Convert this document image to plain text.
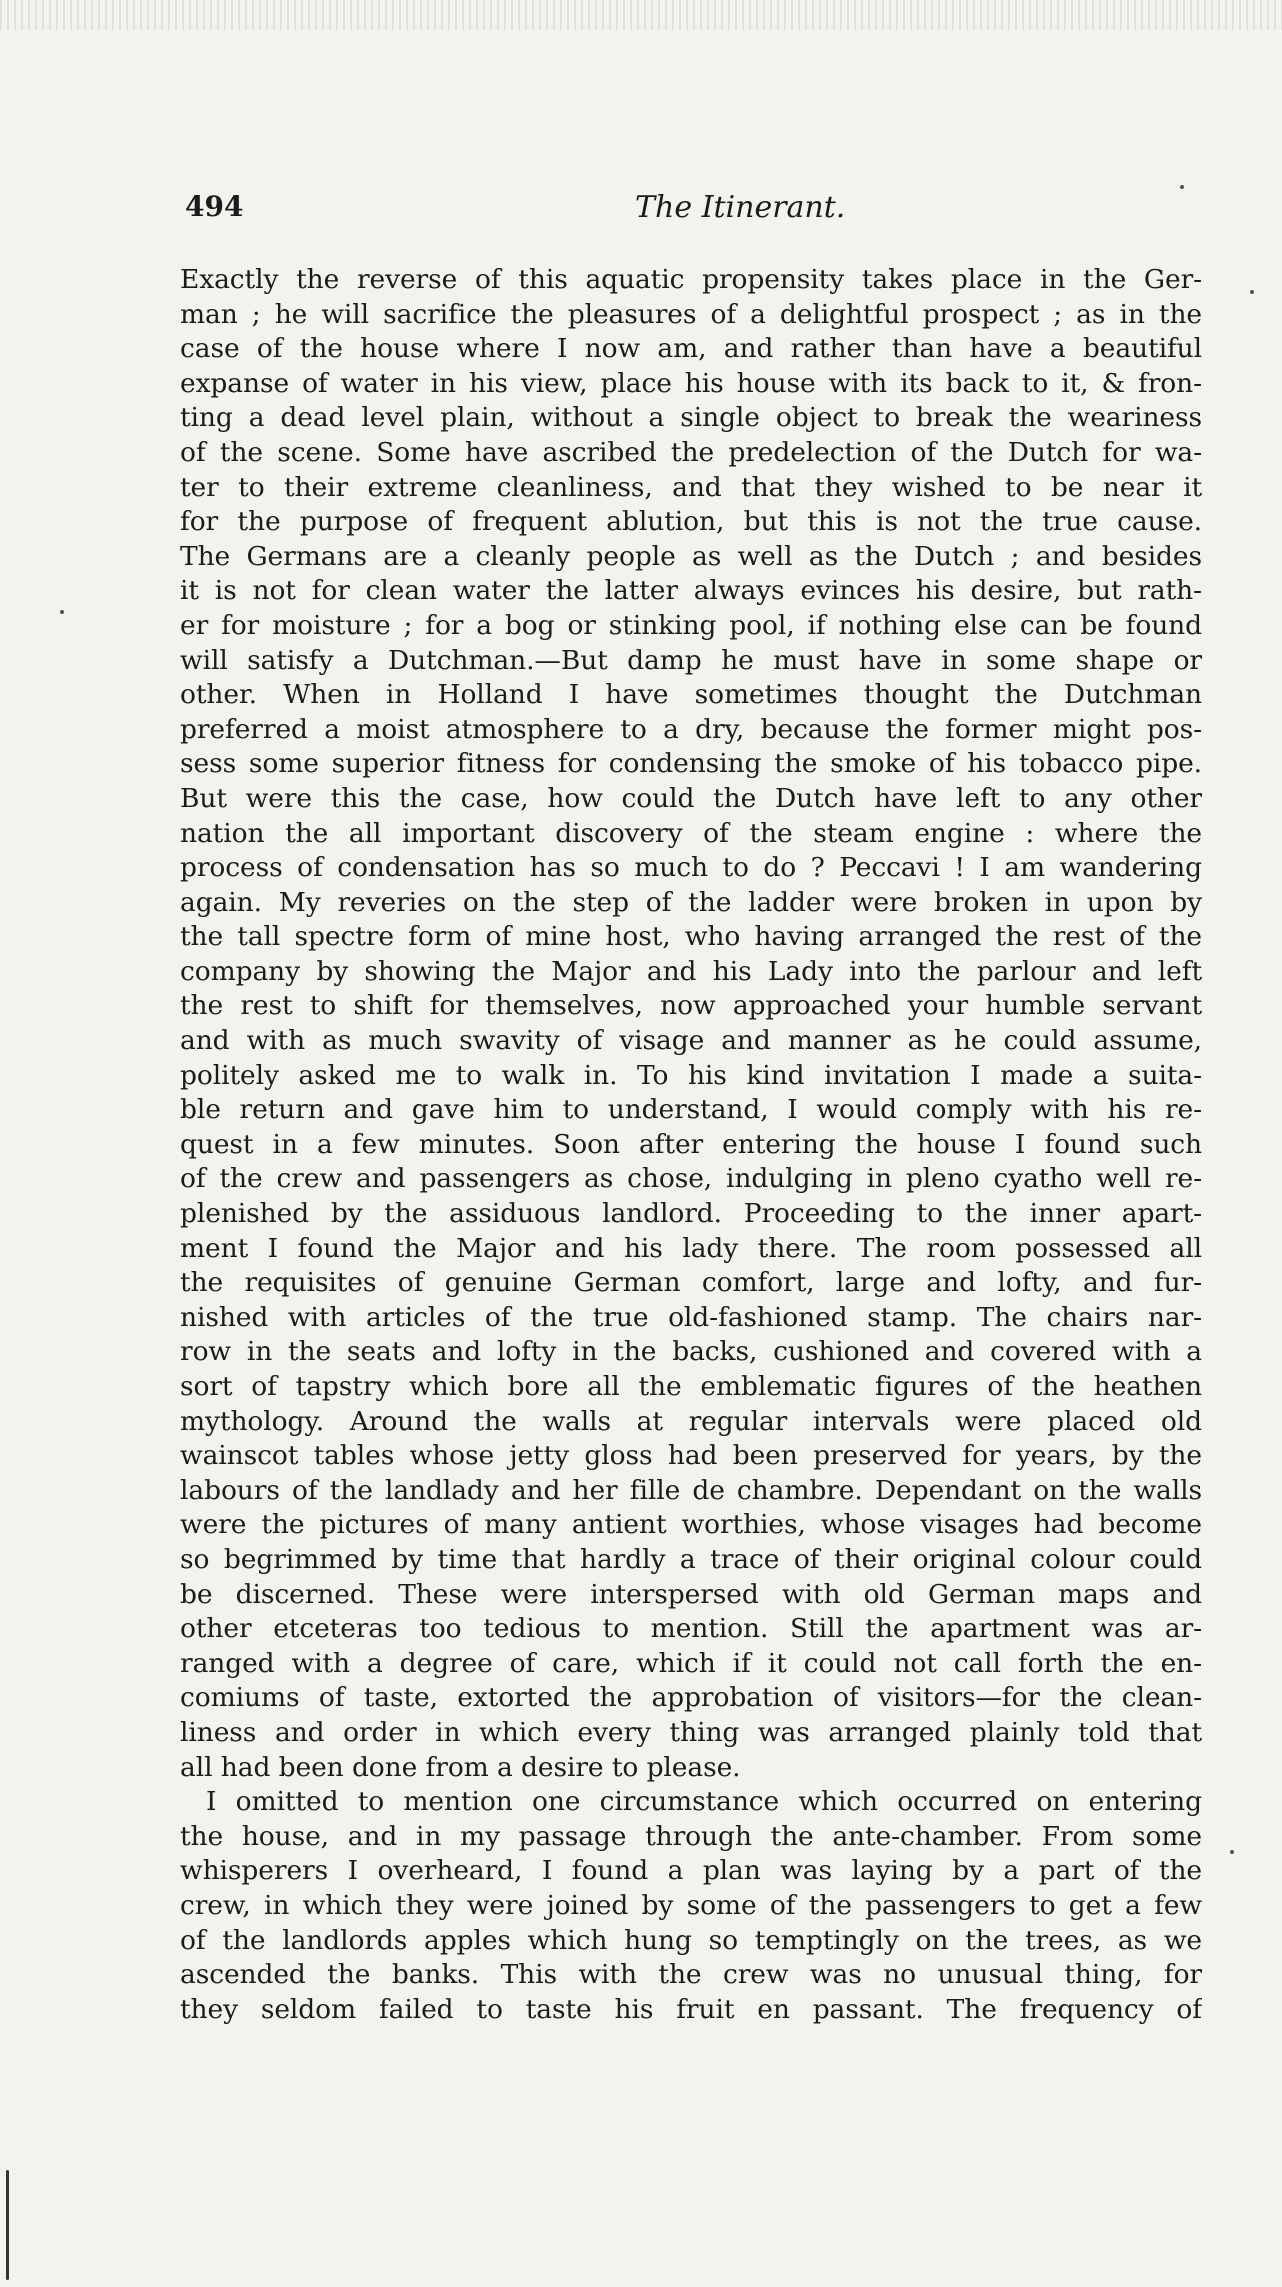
494	The Itinerant.
Exactly the reverse of this aquatic propensity takes place in the Ger-
man ; he will sacrifice the pleasures of a delightful prospect ; as in the
case of the house where I now am, and rather than have a beautiful
expanse of water in his view, place his house with its back to it, & fron-
ting a dead level plain, without a single object to break the weariness
of the scene. Some have ascribed the predelection of the Dutch for wa-
ter to their extreme cleanliness, and that they wished to be near it
for the purpose of frequent ablution, but this is not the true cause.
The Germans are a cleanly people as well as the Dutch ; and besides
it is not for clean water the latter always evinces his desire, but rath-
er for moisture ; for a bog or stinking pool, if nothing else can be found
will satisfy a Dutchman.—But damp he must have in some shape or
other. When in Holland I have sometimes thought the Dutchman
preferred a moist atmosphere to a dry, because the former might pos-
sess some superior fitness for condensing the smoke of his tobacco pipe.
But were this the case, how could the Dutch have left to any other
nation the all important discovery of the steam engine : where the
process of condensation has so much to do ? Peccavi ! I am wandering
again. My reveries on the step of the ladder were broken in upon by
the tall spectre form of mine host, who having arranged the rest of the
company by showing the Major and his Lady into the parlour and left
the rest to shift for themselves, now approached your humble servant
and with as much swavity of visage and manner as he could assume,
politely asked me to walk in. To his kind invitation I made a suita-
ble return and gave him to understand, I would comply with his re-
quest in a few minutes. Soon after entering the house I found such
of the crew and passengers as chose, indulging in pleno cyatho well re-
plenished by the assiduous landlord. Proceeding to the inner apart-
ment I found the Major and his lady there. The room possessed all
the requisites of genuine German comfort, large and lofty, and fur-
nished with articles of the true old-fashioned stamp. The chairs nar-
row in the seats and lofty in the backs, cushioned and covered with a
sort of tapstry which bore all the emblematic figures of the heathen
mythology. Around the walls at regular intervals were placed old
wainscot tables whose jetty gloss had been preserved for years, by the
labours of the landlady and her fille de chambre. Dependant on the walls
were the pictures of many antient worthies, whose visages had become
so begrimmed by time that hardly a trace of their original colour could
be discerned. These were interspersed with old German maps and
other etceteras too tedious to mention. Still the apartment was ar-
ranged with a degree of care, which if it could not call forth the en-
comiums of taste, extorted the approbation of visitors—for the clean-
liness and order in which every thing was arranged plainly told that
all had been done from a desire to please.
I omitted to mention one circumstance which occurred on entering
the house, and in my passage through the ante-chamber. From some
whisperers I overheard, I found a plan was laying by a part of the
crew, in which they were joined by some of the passengers to get a few
of the landlords apples which hung so temptingly on the trees, as we
ascended the banks. This with the crew was no unusual thing, for
they seldom failed to taste his fruit en passant. The frequency of
